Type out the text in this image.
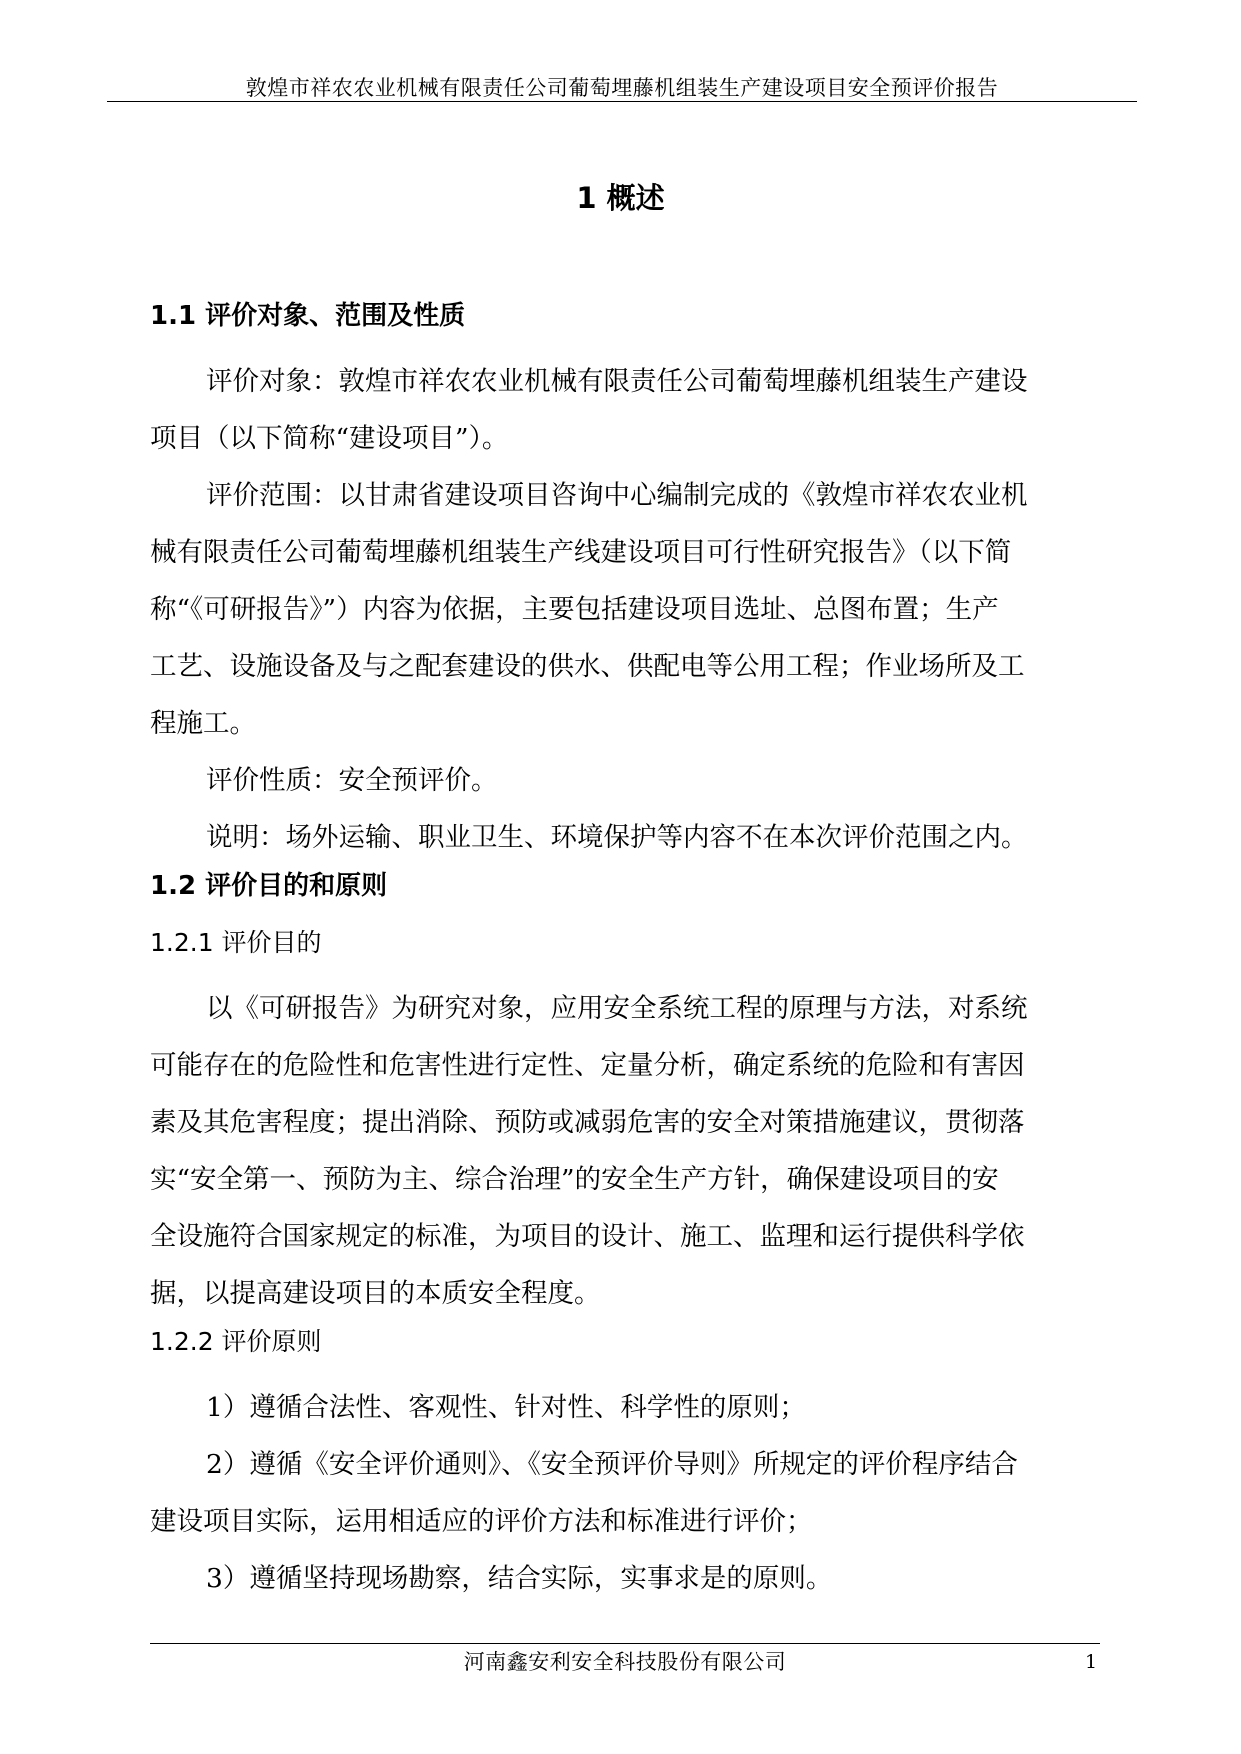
敦煌市祥农农业机械有限责任公司葡萄埋藤机组装生产建设项目安全预评价报告
1 概述
1.1 评价对象、范围及性质
评价对象：敦煌市祥农农业机械有限责任公司葡萄埋藤机组装生产建设
项目（以下简称“建设项目”）。
评价范围：以甘肃省建设项目咨询中心编制完成的《敦煌市祥农农业机
械有限责任公司葡萄埋藤机组装生产线建设项目可行性研究报告》（以下简
称“《可研报告》”）内容为依据，主要包括建设项目选址、总图布置；生产
工艺、设施设备及与之配套建设的供水、供配电等公用工程；作业场所及工
程施工。
评价性质：安全预评价。
说明：场外运输、职业卫生、环境保护等内容不在本次评价范围之内。
1.2 评价目的和原则
1.2.1 评价目的
以《可研报告》为研究对象，应用安全系统工程的原理与方法，对系统
可能存在的危险性和危害性进行定性、定量分析，确定系统的危险和有害因
素及其危害程度；提出消除、预防或减弱危害的安全对策措施建议，贯彻落
实“安全第一、预防为主、综合治理”的安全生产方针，确保建设项目的安
全设施符合国家规定的标准，为项目的设计、施工、监理和运行提供科学依
据，以提高建设项目的本质安全程度。
1.2.2 评价原则
1）遵循合法性、客观性、针对性、科学性的原则；
2）遵循《安全评价通则》、《安全预评价导则》所规定的评价程序结合
建设项目实际，运用相适应的评价方法和标准进行评价；
3）遵循坚持现场勘察，结合实际，实事求是的原则。
河南鑫安利安全科技股份有限公司	1
